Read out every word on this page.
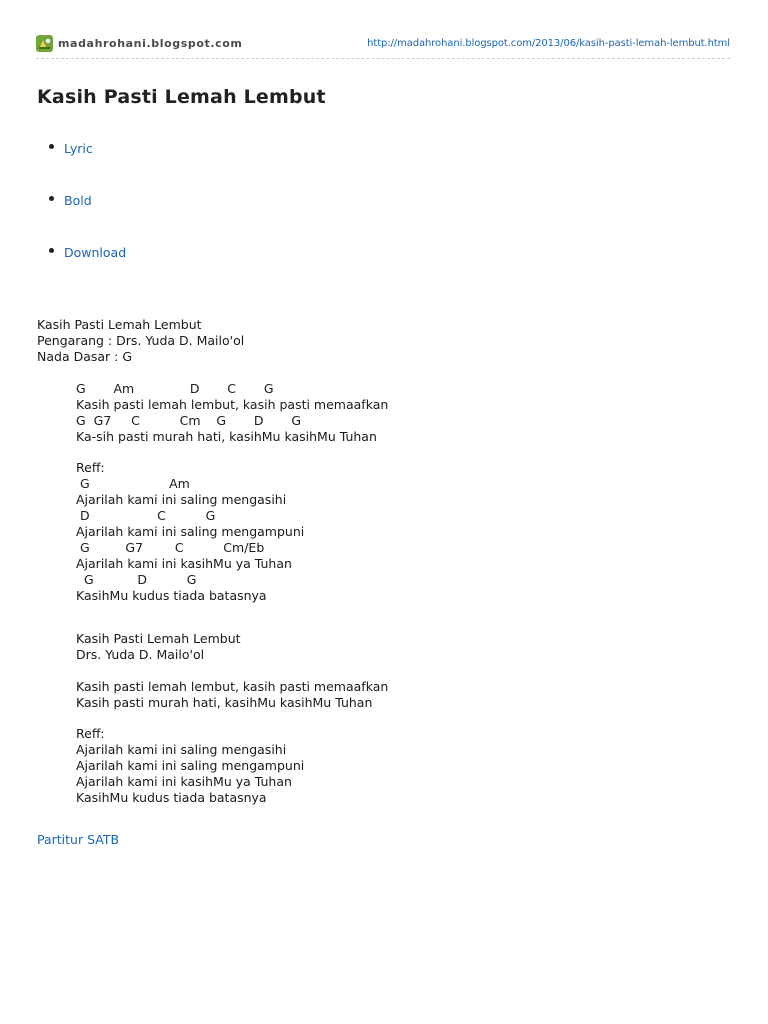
madahrohani.blogspot.com	http://madahrohani.blogspot.com/2013/06/kasih-pasti-lemah-lembut.html
Kasih Pasti Lemah Lembut
Lyric
Bold
Download
Kasih Pasti Lemah Lembut
Pengarang : Drs. Yuda D. Mailo'ol
Nada Dasar : G
G       Am              D       C       G
Kasih pasti lemah lembut, kasih pasti memaafkan
G  G7     C          Cm    G       D       G
Ka-sih pasti murah hati, kasihMu kasihMu Tuhan
Reff:
G                    Am
Ajarilah kami ini saling mengasihi
D                 C          G
Ajarilah kami ini saling mengampuni
G         G7        C          Cm/Eb
Ajarilah kami ini kasihMu ya Tuhan
G           D          G
KasihMu kudus tiada batasnya
Kasih Pasti Lemah Lembut
Drs. Yuda D. Mailo'ol
Kasih pasti lemah lembut, kasih pasti memaafkan
Kasih pasti murah hati, kasihMu kasihMu Tuhan
Reff:
Ajarilah kami ini saling mengasihi
Ajarilah kami ini saling mengampuni
Ajarilah kami ini kasihMu ya Tuhan
KasihMu kudus tiada batasnya
Partitur SATB
